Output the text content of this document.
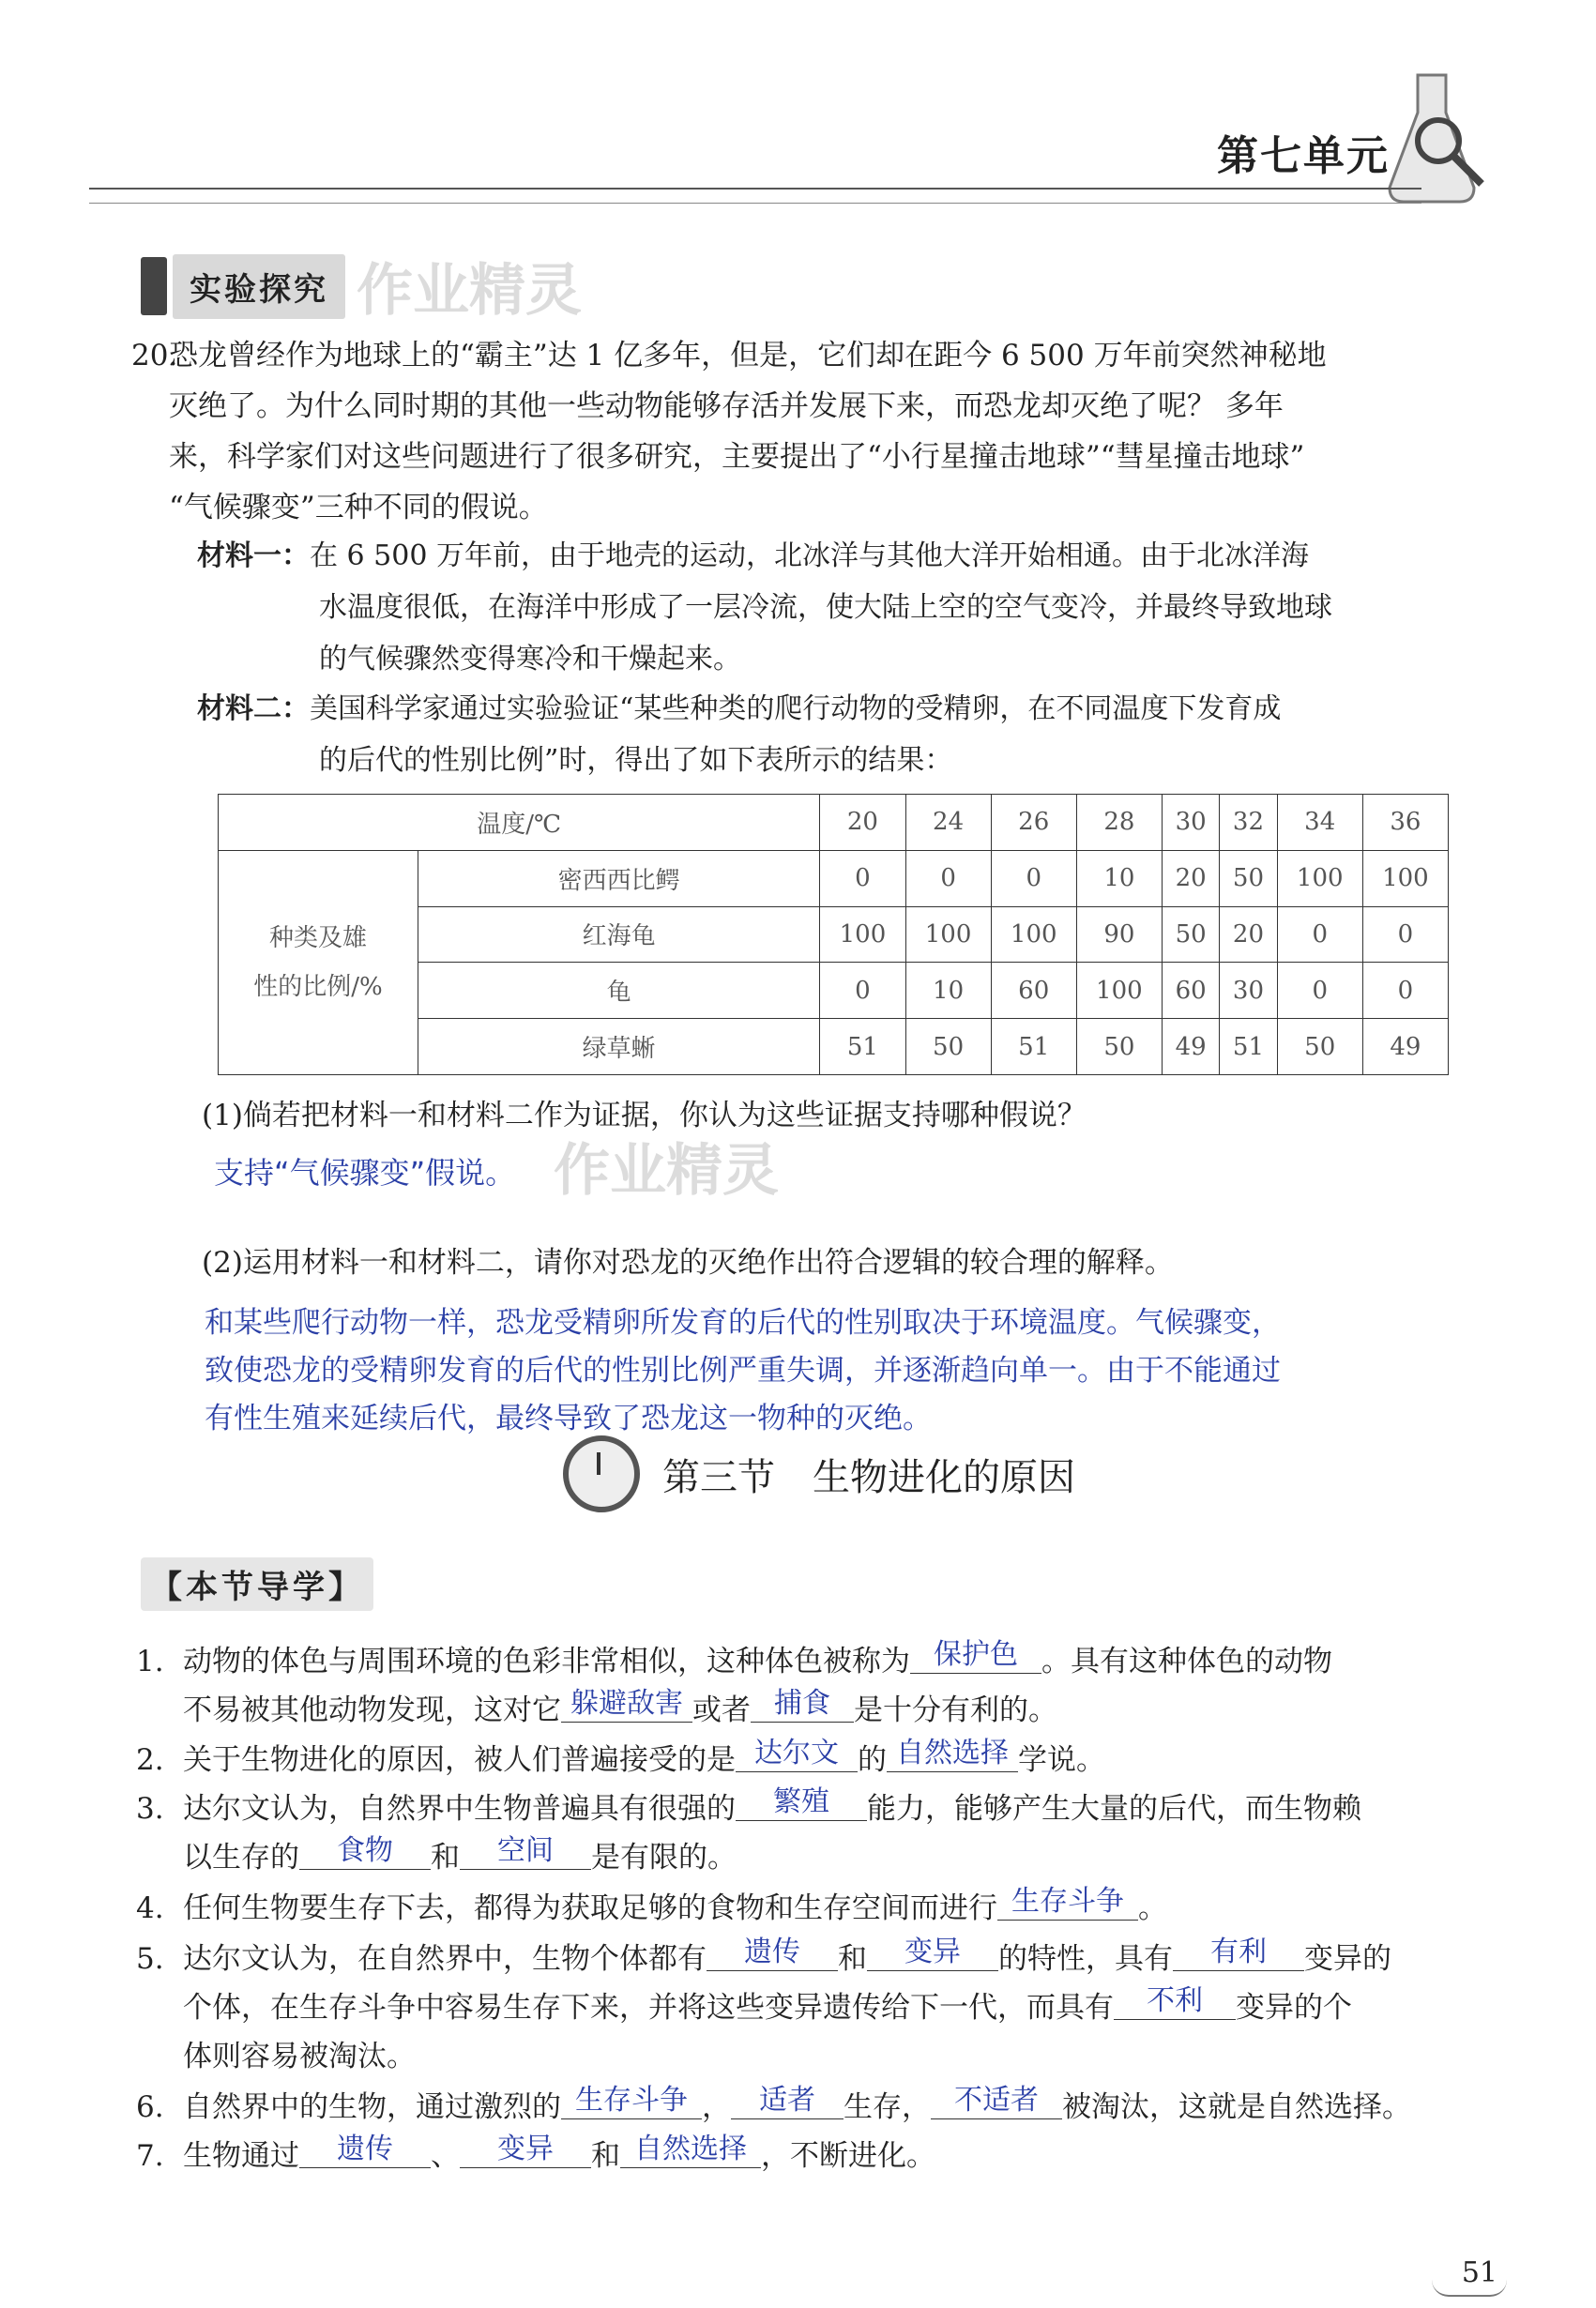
第七单元
实验探究 作业精灵
20.
恐龙曾经作为地球上的“霸主”达 1 亿多年，但是，它们却在距今 6 500 万年前突然神秘地
灭绝了。为什么同时期的其他一些动物能够存活并发展下来，而恐龙却灭绝了呢？ 多年
来，科学家们对这些问题进行了很多研究，主要提出了“小行星撞击地球”“彗星撞击地球”
“气候骤变”三种不同的假说。
材料一：在 6 500 万年前，由于地壳的运动，北冰洋与其他大洋开始相通。由于北冰洋海
水温度很低，在海洋中形成了一层冷流，使大陆上空的空气变冷，并最终导致地球
的气候骤然变得寒冷和干燥起来。
材料二：美国科学家通过实验验证“某些种类的爬行动物的受精卵，在不同温度下发育成
的后代的性别比例”时，得出了如下表所示的结果：
温度/℃		20	24	26	28	30	32	34	36

种类及雄
性的比例/%	密西西比鳄	0	0	0	10	20	50	100	100
	红海龟	100	100	100	90	50	20	0	0
	龟	0	10	60	100	60	30	0	0
	绿草蜥	51	50	51	50	49	51	50	49
(1)倘若把材料一和材料二作为证据，你认为这些证据支持哪种假说？
支持“气候骤变”假说。 作业精灵
(2)运用材料一和材料二，请你对恐龙的灭绝作出符合逻辑的较合理的解释。
和某些爬行动物一样，恐龙受精卵所发育的后代的性别取决于环境温度。气候骤变，
致使恐龙的受精卵发育的后代的性别比例严重失调，并逐渐趋向单一。由于不能通过
有性生殖来延续后代，最终导致了恐龙这一物种的灭绝。
第三节　生物进化的原因
【本节导学】
1. 动物的体色与周围环境的色彩非常相似，这种体色被称为 保护色 。具有这种体色的动物
不易被其他动物发现，这对它 躲避敌害 或者 捕食 是十分有利的。
2. 关于生物进化的原因，被人们普遍接受的是 达尔文 的 自然选择 学说。
3. 达尔文认为，自然界中生物普遍具有很强的 繁殖 能力，能够产生大量的后代，而生物赖
以生存的 食物 和 空间 是有限的。
4. 任何生物要生存下去，都得为获取足够的食物和生存空间而进行 生存斗争 。
5. 达尔文认为，在自然界中，生物个体都有 遗传 和 变异 的特性，具有 有利 变异的
个体，在生存斗争中容易生存下来，并将这些变异遗传给下一代，而具有 不利 变异的个
体则容易被淘汰。
6. 自然界中的生物，通过激烈的 生存斗争 ， 适者 生存， 不适者 被淘汰，这就是自然选择。
7. 生物通过 遗传 、 变异 和 自然选择 ，不断进化。
51
